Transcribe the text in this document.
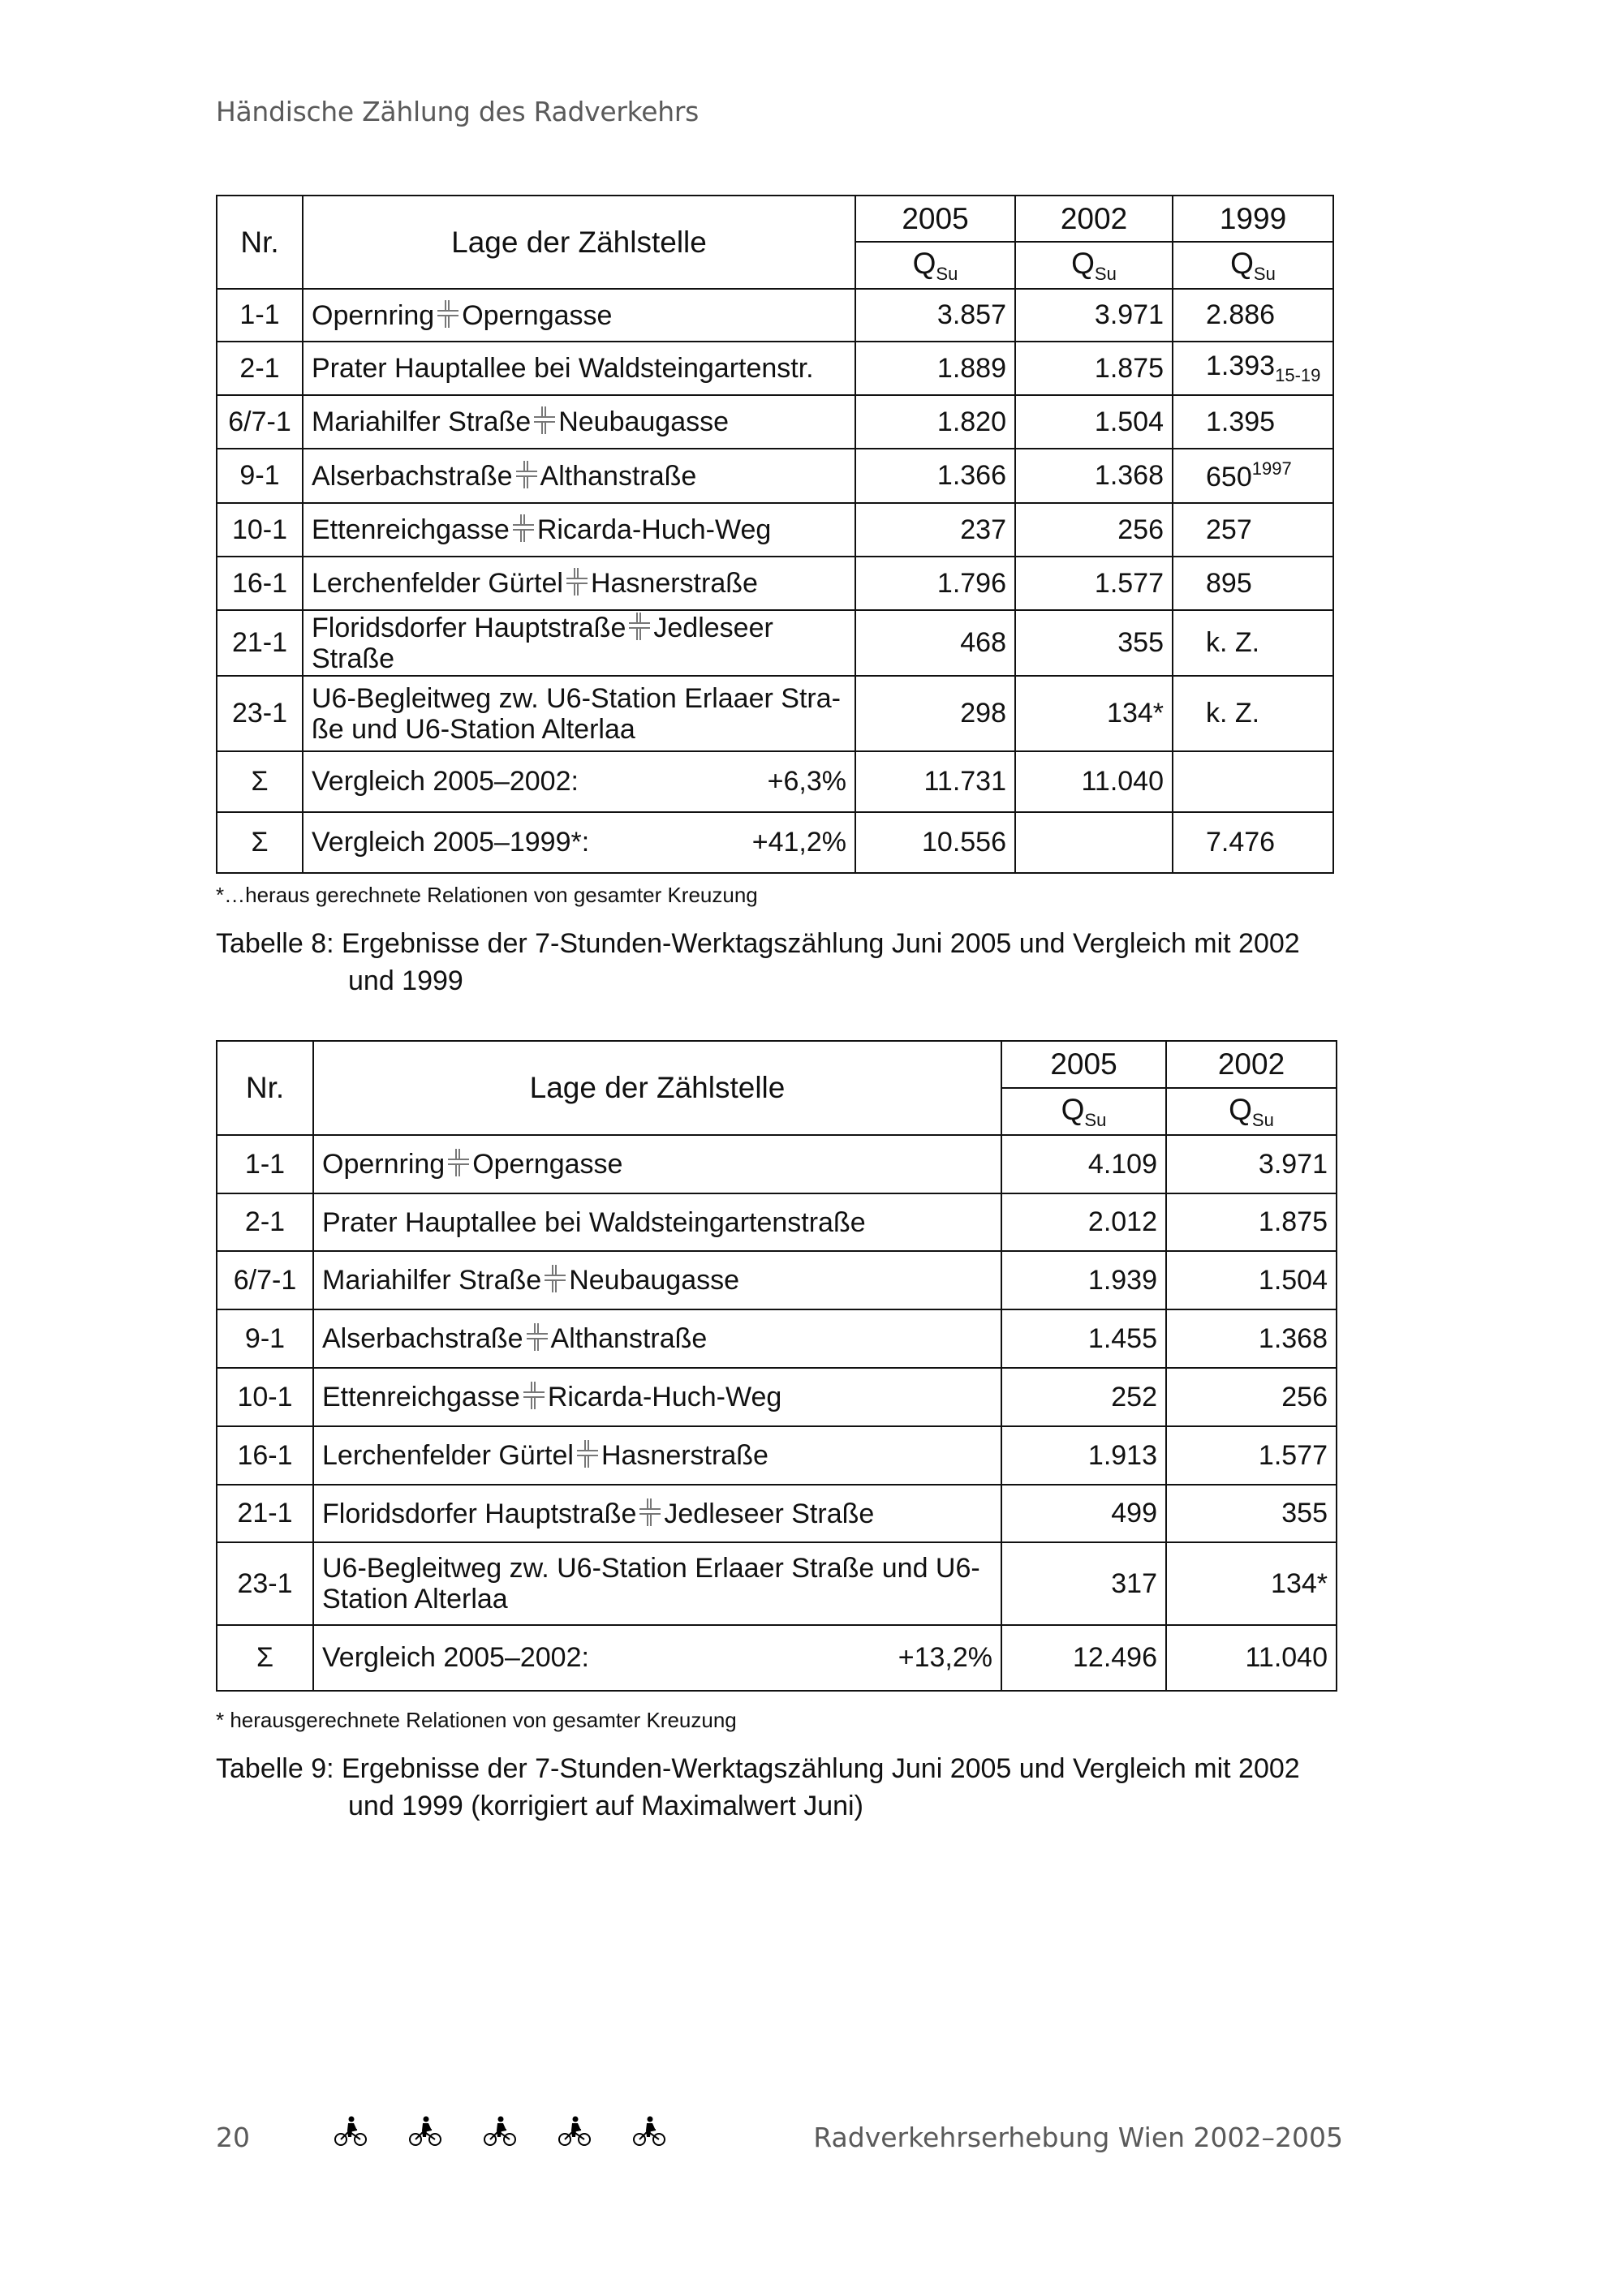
Händische Zählung des Radverkehrs
Nr.	Lage der Zählstelle	2005	2002	1999
		$Q_{Su}$	$Q_{Su}$	$Q_{Su}$
1-1	Opernring Operngasse	3.857	3.971	2.886
2-1	Prater Hauptallee bei Waldsteingartenstr.	1.889	1.875	$1.393_{15-19}$
6/7-1	Mariahilfer Straße Neubaugasse	1.820	1.504	1.395
9-1	Alserbachstraße Althanstraße	1.366	1.368	$650^{1997}$
10-1	Ettenreichgasse Ricarda-Huch-Weg	237	256	257
16-1	Lerchenfelder Gürtel Hasnerstraße	1.796	1.577	895
21-1	Floridsdorfer Hauptstraße Jedleseer Straße	468	355	k. Z.
23-1	U6-Begleitweg zw. U6-Station Erlaaer Stra-ße und U6-Station Alterlaa	298	134*	k. Z.
Σ	Vergleich 2005–2002: +6,3%	11.731	11.040	
Σ	Vergleich 2005–1999*: +41,2%	10.556		7.476
*…heraus gerechnete Relationen von gesamter Kreuzung
Tabelle 8: Ergebnisse der 7-Stunden-Werktagszählung Juni 2005 und Vergleich mit 2002
und 1999
Nr.	Lage der Zählstelle	2005	2002
		$Q_{Su}$	$Q_{Su}$
1-1	Opernring Operngasse	4.109	3.971
2-1	Prater Hauptallee bei Waldsteingartenstraße	2.012	1.875
6/7-1	Mariahilfer Straße Neubaugasse	1.939	1.504
9-1	Alserbachstraße Althanstraße	1.455	1.368
10-1	Ettenreichgasse Ricarda-Huch-Weg	252	256
16-1	Lerchenfelder Gürtel Hasnerstraße	1.913	1.577
21-1	Floridsdorfer Hauptstraße Jedleseer Straße	499	355
23-1	U6-Begleitweg zw. U6-Station Erlaaer Straße und U6-Station Alterlaa	317	134*
Σ	Vergleich 2005–2002: +13,2%	12.496	11.040
* herausgerechnete Relationen von gesamter Kreuzung
Tabelle 9: Ergebnisse der 7-Stunden-Werktagszählung Juni 2005 und Vergleich mit 2002
und 1999 (korrigiert auf Maximalwert Juni)
20	Radverkehrserhebung Wien 2002–2005
